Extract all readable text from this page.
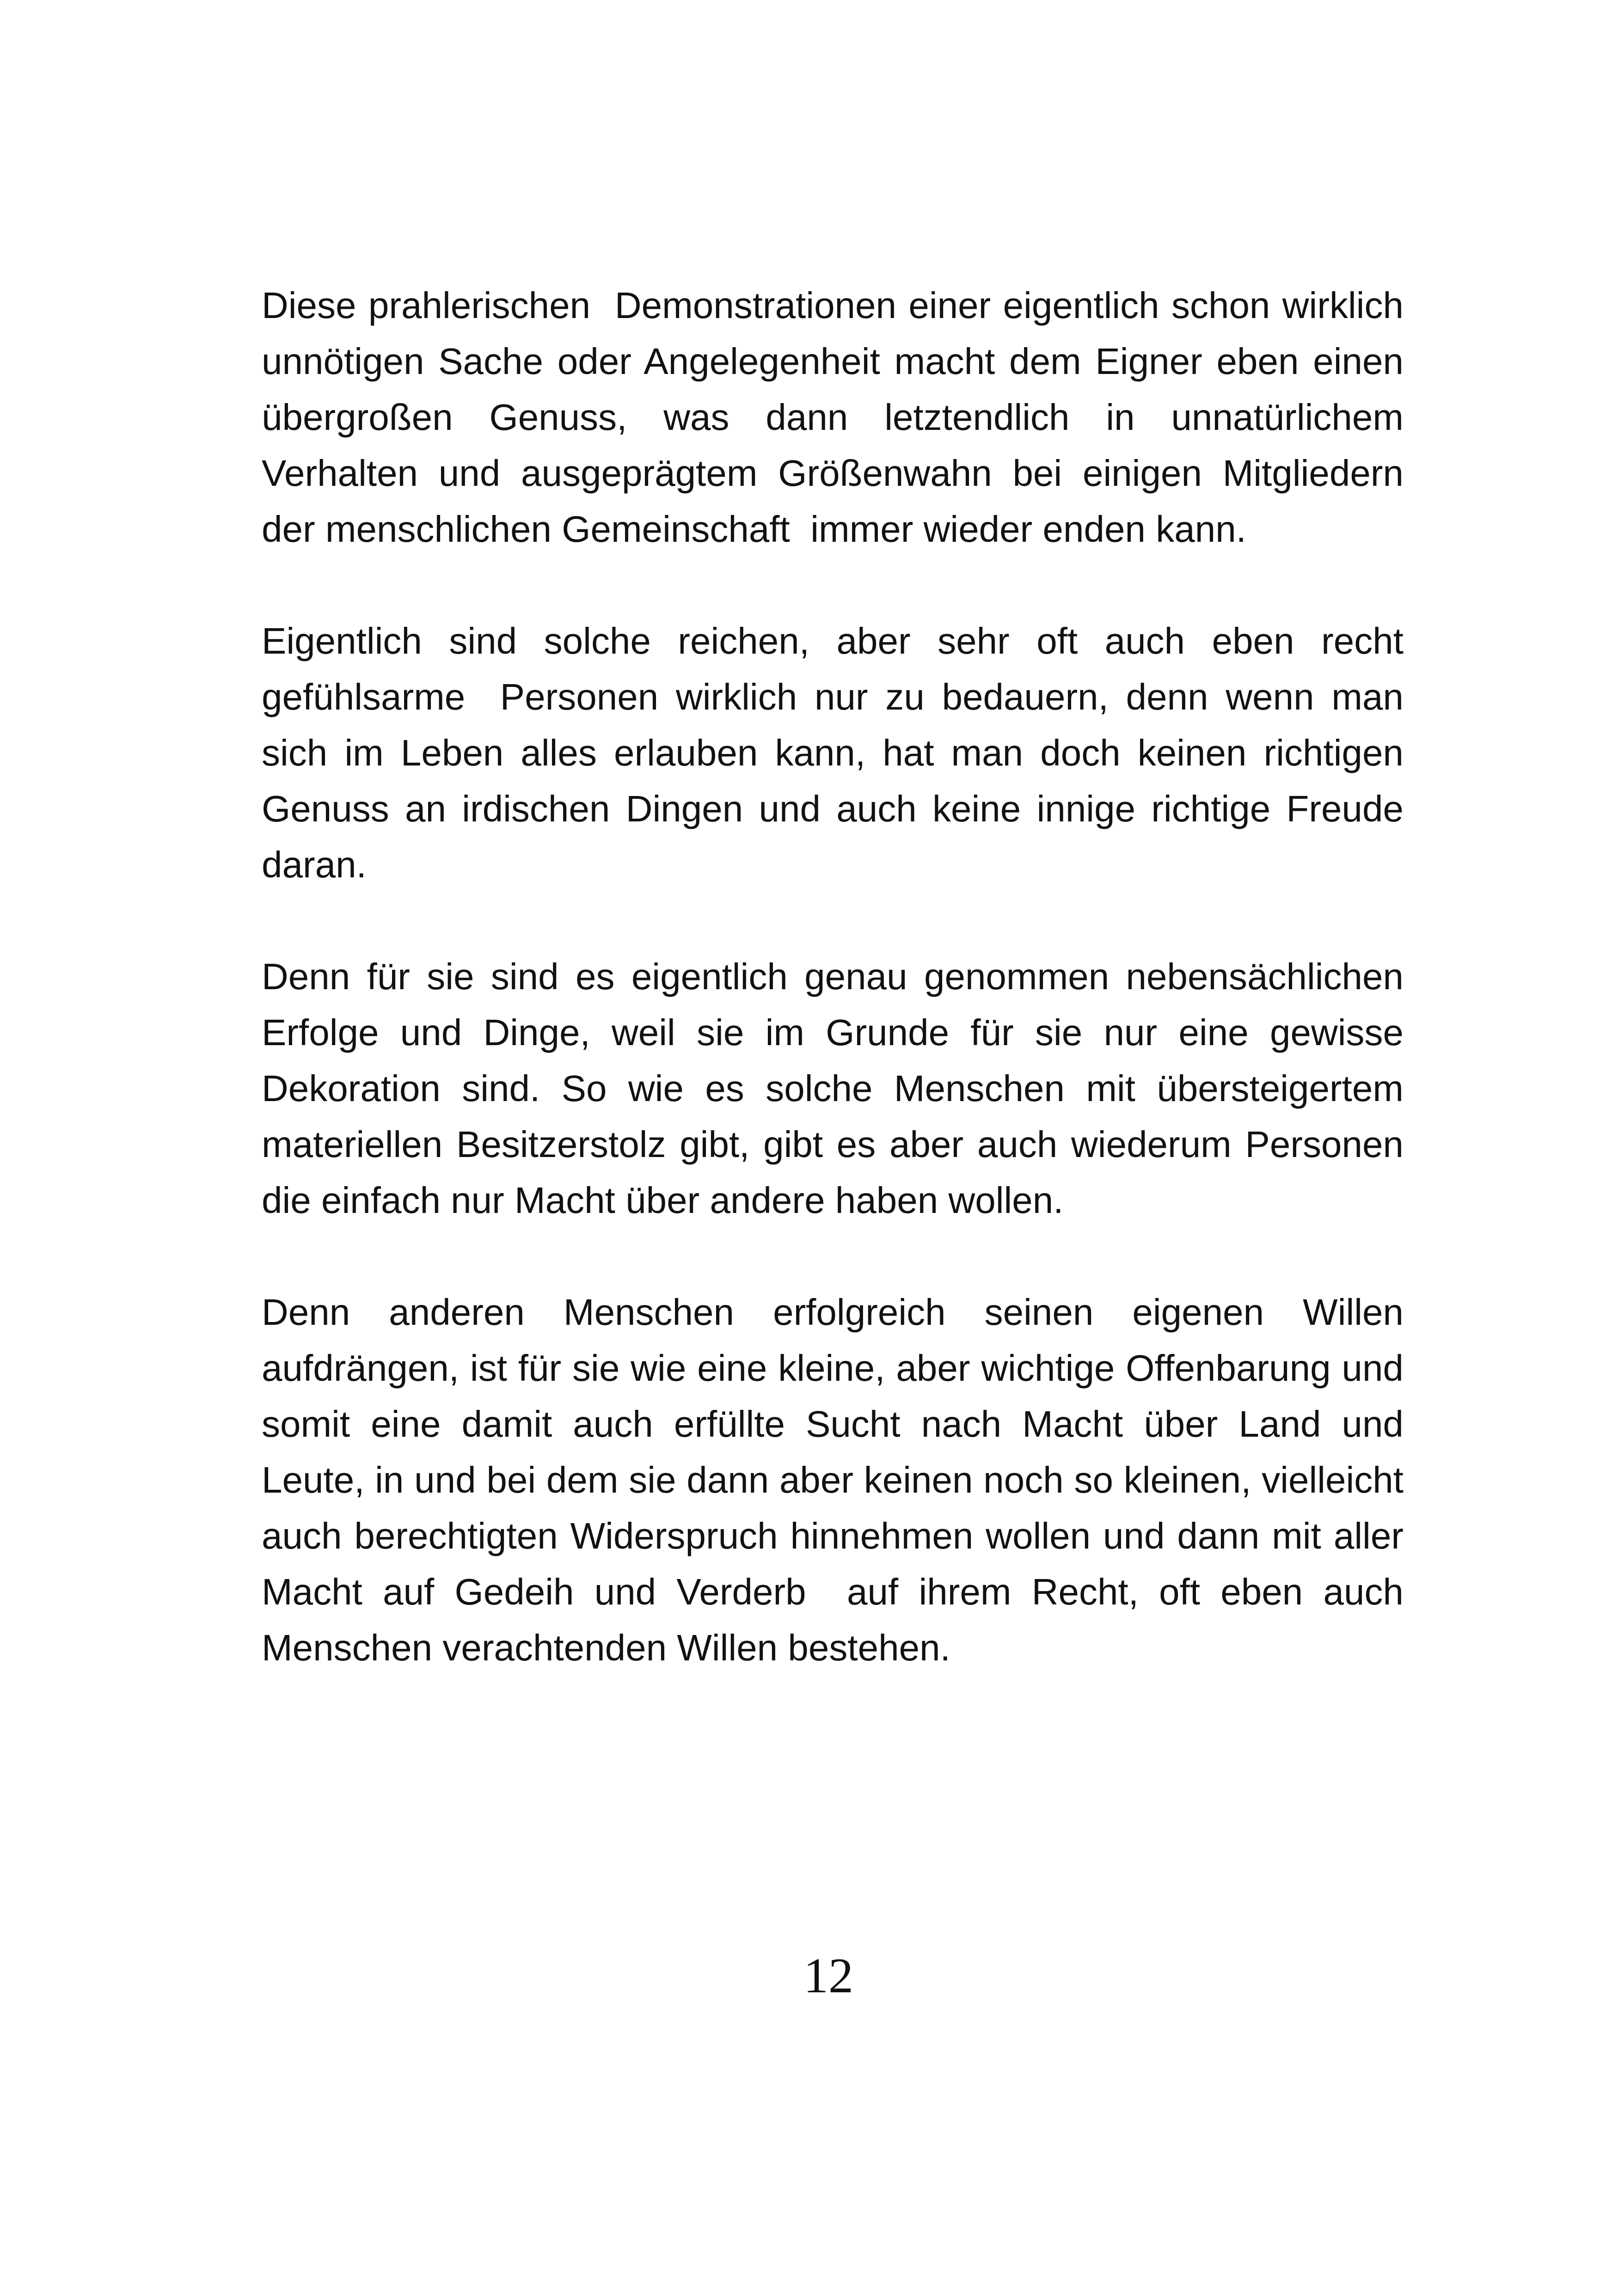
Diese prahlerischen  Demonstrationen einer eigentlich schon wirklich unnötigen Sache oder Angelegenheit macht dem Eigner eben einen übergroßen Genuss, was dann letztendlich in unnatürlichem Verhalten und ausgeprägtem Größenwahn bei einigen Mitgliedern der menschlichen Gemeinschaft  immer wieder enden kann.

Eigentlich sind solche reichen, aber sehr oft auch eben recht gefühlsarme  Personen wirklich nur zu bedauern, denn wenn man sich im Leben alles erlauben kann, hat man doch keinen richtigen Genuss an irdischen Dingen und auch keine innige richtige Freude daran.

Denn für sie sind es eigentlich genau genommen nebensächlichen Erfolge und Dinge, weil sie im Grunde für sie nur eine gewisse Dekoration sind. So wie es solche Menschen mit übersteigertem materiellen Besitzerstolz gibt, gibt es aber auch wiederum Personen die einfach nur Macht über andere haben wollen.

Denn anderen Menschen erfolgreich seinen eigenen Willen aufdrängen, ist für sie wie eine kleine, aber wichtige Offenbarung und somit eine damit auch erfüllte Sucht nach Macht über Land und Leute, in und bei dem sie dann aber keinen noch so kleinen, vielleicht auch berechtigten Widerspruch hinnehmen wollen und dann mit aller Macht auf Gedeih und Verderb  auf ihrem Recht, oft eben auch Menschen verachtenden Willen bestehen.

12
